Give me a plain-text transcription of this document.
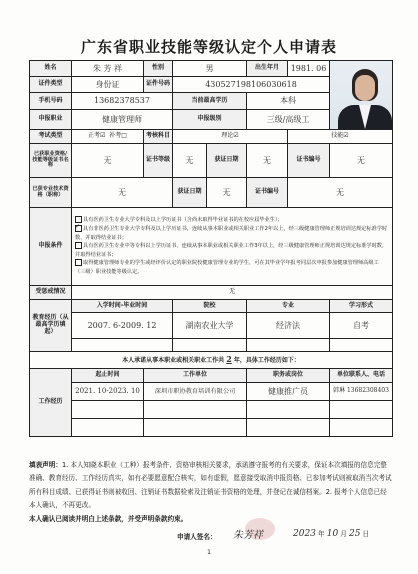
广东省职业技能等级认定个人申请表
姓名	朱 芳 祥	性别	男		出生年月	1981. 06	

证件类型	身份证	证件号码	430527198106030618				
手机号码	13682378537		当前最高学历		本科		
申报职业	健康管理师		申报级别		三级/高级工		
考试类型	正考☑ 补考□	考核科目	理论☑			技能☑	
已获职业资格/技能等级证书名称	无	证书等级	无	获证日期	无	证书编号	无
已获专业技术资格（职称）	无		获证日期	无	证书编号	无	
申报条件	具有医药卫生专业大学专科及以上学历证书（含尚未取得毕业证书的在校应届毕业生）；
✓具有非医药卫生专业大学专科及以上学历证书，连续从事本职业或相关职业工作2年以上，经三级健康管理师正规培训达规定标准学时数，并取得结业证书；
具有医药卫生专业中等专科以上学历证书，连续从事本职业或相关职业工作3年以上，经三级健康管理师正规培训达规定标准学时数，并取得结业证书；
取得健康管理师专业的学生或经评价认定的职业院校健康管理专业的学生，可在其毕业学年报考同层次申报参加健康管理师高级工（三级）职业技能等级认定。

受惩戒情况	无						
教育经历（从最高学历填起）	入学时间-毕业时间		院校		专业		学习形式
	2007. 6-2009. 12		湖南农业大学		经济法		自考

本人承诺从事本职业或相关职业工作共 2 年，具体工作经历如下：							
工作经历	起止时间	工作单位			职务或岗位		单位联系人、电话
	2021. 10-2023. 10	深圳市职协教育培训有限公司			健康推广员		韩琳 13682308403

填表声明：1. 本人知晓本职业（工种）报考条件、资格审核相关要求，承诺遵守报考的有关要求，保证本次填报的信息完整准确、教育经历、工作经历真实，如有必要愿意配合核实，如有虚假，愿意接受取消申报资格、已参加考试则被取消当次考试所有科目成绩、已获得证书则被收回、注销证书数据检索及注销证书资格的处理，并登记在诚信档案。2. 报考个人信息已经本人确认，不再更改。
本人确认已阅读并明白上述条款，并受声明条款约束。
申请人签名： 朱芳祥	2023 年 10 月 25 日
1
